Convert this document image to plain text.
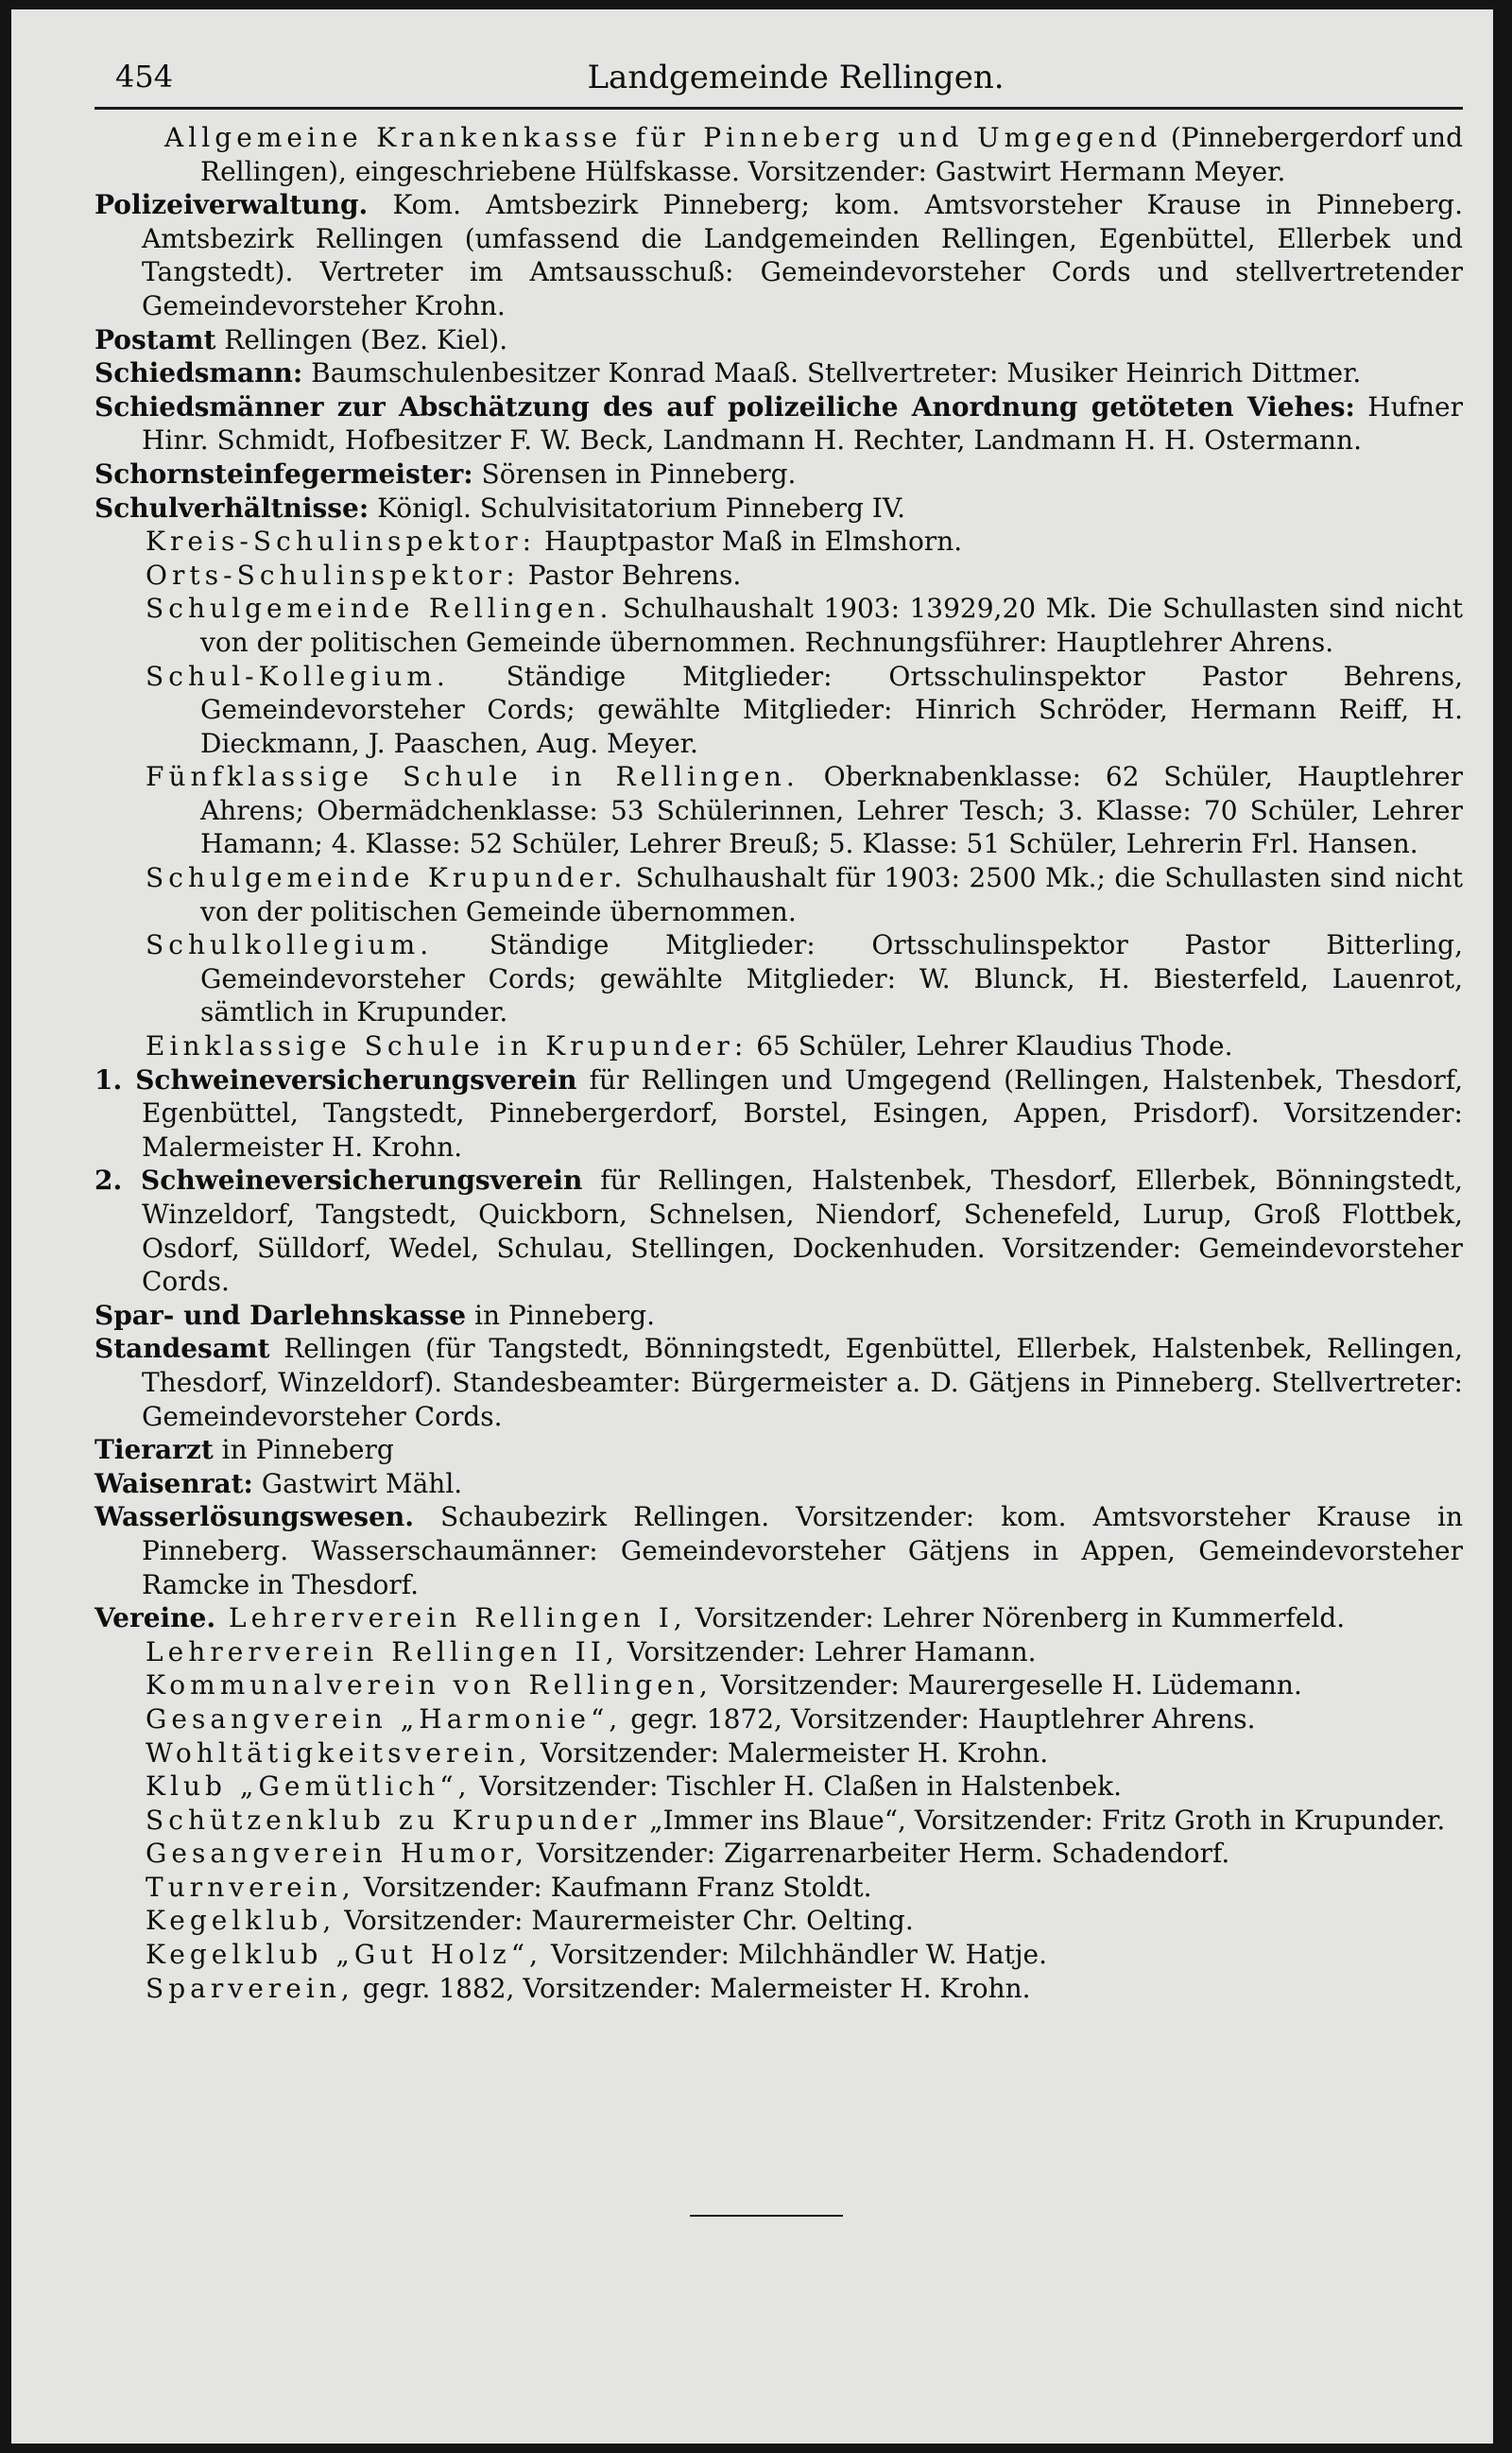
454	Landgemeinde Rellingen.

Allgemeine Krankenkasse für Pinneberg und Umgegend (Pinnebergerdorf und Rellingen), eingeschriebene Hülfskasse. Vorsitzender: Gastwirt Hermann Meyer.

Polizeiverwaltung. Kom. Amtsbezirk Pinneberg; kom. Amtsvorsteher Krause in Pinneberg. Amtsbezirk Rellingen (umfassend die Landgemeinden Rellingen, Egenbüttel, Ellerbek und Tangstedt). Vertreter im Amtsausschuß: Gemeindevorsteher Cords und stellvertretender Gemeindevorsteher Krohn.

Postamt Rellingen (Bez. Kiel).

Schiedsmann: Baumschulenbesitzer Konrad Maaß. Stellvertreter: Musiker Heinrich Dittmer.

Schiedsmänner zur Abschätzung des auf polizeiliche Anordnung getöteten Viehes: Hufner Hinr. Schmidt, Hofbesitzer F. W. Beck, Landmann H. Rechter, Landmann H. H. Ostermann.

Schornsteinfegermeister: Sörensen in Pinneberg.

Schulverhältnisse: Königl. Schulvisitatorium Pinneberg IV.

Kreis-Schulinspektor: Hauptpastor Maß in Elmshorn.

Orts-Schulinspektor: Pastor Behrens.

Schulgemeinde Rellingen. Schulhaushalt 1903: 13929,20 Mk. Die Schullasten sind nicht von der politischen Gemeinde übernommen. Rechnungsführer: Hauptlehrer Ahrens.

Schul-Kollegium. Ständige Mitglieder: Ortsschulinspektor Pastor Behrens, Gemeindevorsteher Cords; gewählte Mitglieder: Hinrich Schröder, Hermann Reiff, H. Dieckmann, J. Paaschen, Aug. Meyer.

Fünfklassige Schule in Rellingen. Oberknabenklasse: 62 Schüler, Hauptlehrer Ahrens; Obermädchenklasse: 53 Schülerinnen, Lehrer Tesch; 3. Klasse: 70 Schüler, Lehrer Hamann; 4. Klasse: 52 Schüler, Lehrer Breuß; 5. Klasse: 51 Schüler, Lehrerin Frl. Hansen.

Schulgemeinde Krupunder. Schulhaushalt für 1903: 2500 Mk.; die Schullasten sind nicht von der politischen Gemeinde übernommen.

Schulkollegium. Ständige Mitglieder: Ortsschulinspektor Pastor Bitterling, Gemeindevorsteher Cords; gewählte Mitglieder: W. Blunck, H. Biesterfeld, Lauenrot, sämtlich in Krupunder.

Einklassige Schule in Krupunder: 65 Schüler, Lehrer Klaudius Thode.

1. Schweineversicherungsverein für Rellingen und Umgegend (Rellingen, Halstenbek, Thesdorf, Egenbüttel, Tangstedt, Pinnebergerdorf, Borstel, Esingen, Appen, Prisdorf). Vorsitzender: Malermeister H. Krohn.

2. Schweineversicherungsverein für Rellingen, Halstenbek, Thesdorf, Ellerbek, Bönningstedt, Winzeldorf, Tangstedt, Quickborn, Schnelsen, Niendorf, Schenefeld, Lurup, Groß Flottbek, Osdorf, Sülldorf, Wedel, Schulau, Stellingen, Dockenhuden. Vorsitzender: Gemeindevorsteher Cords.

Spar- und Darlehnskasse in Pinneberg.

Standesamt Rellingen (für Tangstedt, Bönningstedt, Egenbüttel, Ellerbek, Halstenbek, Rellingen, Thesdorf, Winzeldorf). Standesbeamter: Bürgermeister a. D. Gätjens in Pinneberg. Stellvertreter: Gemeindevorsteher Cords.

Tierarzt in Pinneberg

Waisenrat: Gastwirt Mähl.

Wasserlösungswesen. Schaubezirk Rellingen. Vorsitzender: kom. Amtsvorsteher Krause in Pinneberg. Wasserschaumänner: Gemeindevorsteher Gätjens in Appen, Gemeindevorsteher Ramcke in Thesdorf.

Vereine. Lehrerverein Rellingen I, Vorsitzender: Lehrer Nörenberg in Kummerfeld.

Lehrerverein Rellingen II, Vorsitzender: Lehrer Hamann.

Kommunalverein von Rellingen, Vorsitzender: Maurergeselle H. Lüdemann.

Gesangverein „Harmonie“, gegr. 1872, Vorsitzender: Hauptlehrer Ahrens.

Wohltätigkeitsverein, Vorsitzender: Malermeister H. Krohn.

Klub „Gemütlich“, Vorsitzender: Tischler H. Claßen in Halstenbek.

Schützenklub zu Krupunder „Immer ins Blaue“, Vorsitzender: Fritz Groth in Krupunder.

Gesangverein Humor, Vorsitzender: Zigarrenarbeiter Herm. Schadendorf.

Turnverein, Vorsitzender: Kaufmann Franz Stoldt.

Kegelklub, Vorsitzender: Maurermeister Chr. Oelting.

Kegelklub „Gut Holz“, Vorsitzender: Milchhändler W. Hatje.

Sparverein, gegr. 1882, Vorsitzender: Malermeister H. Krohn.
